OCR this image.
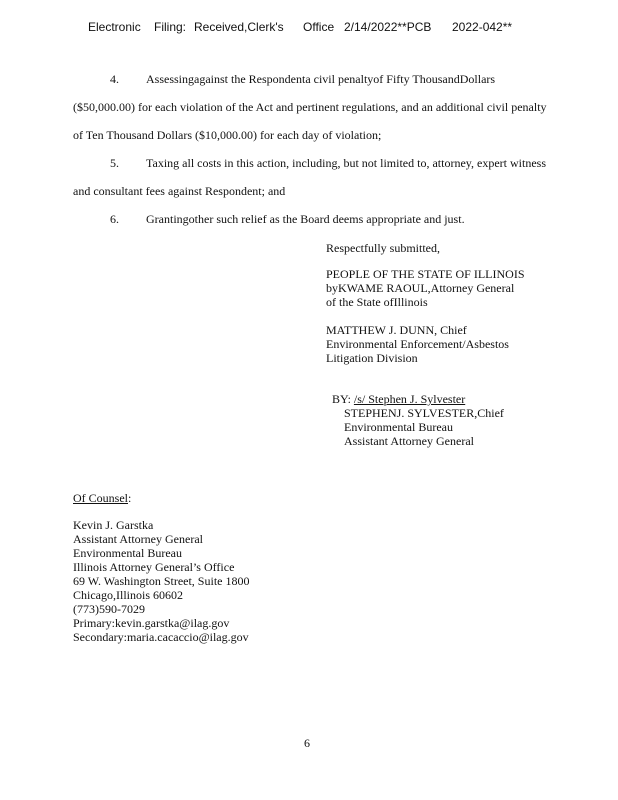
Electronic Filing: Received,Clerk's Office 2/14/2022**PCB 2022-042**
4. Assessingagainst the Respondenta civil penaltyof Fifty ThousandDollars
($50,000.00) for each violation of the Act and pertinent regulations, and an additional civil penalty
of Ten Thousand Dollars ($10,000.00) for each day of violation;
5. Taxing all costs in this action, including, but not limited to, attorney, expert witness
and consultant fees against Respondent; and
6. Grantingother such relief as the Board deems appropriate and just.
Respectfully submitted,
PEOPLE OF THE STATE OF ILLINOIS
byKWAME RAOUL,Attorney General
of the State ofIllinois
MATTHEW J. DUNN, Chief
Environmental Enforcement/Asbestos
Litigation Division
BY: /s/ Stephen J. Sylvester
STEPHENJ. SYLVESTER,Chief
Environmental Bureau
Assistant Attorney General
Of Counsel:
Kevin J. Garstka
Assistant Attorney General
Environmental Bureau
Illinois Attorney General’s Office
69 W. Washington Street, Suite 1800
Chicago,Illinois 60602
(773)590-7029
Primary:kevin.garstka@ilag.gov
Secondary:maria.cacaccio@ilag.gov
6
